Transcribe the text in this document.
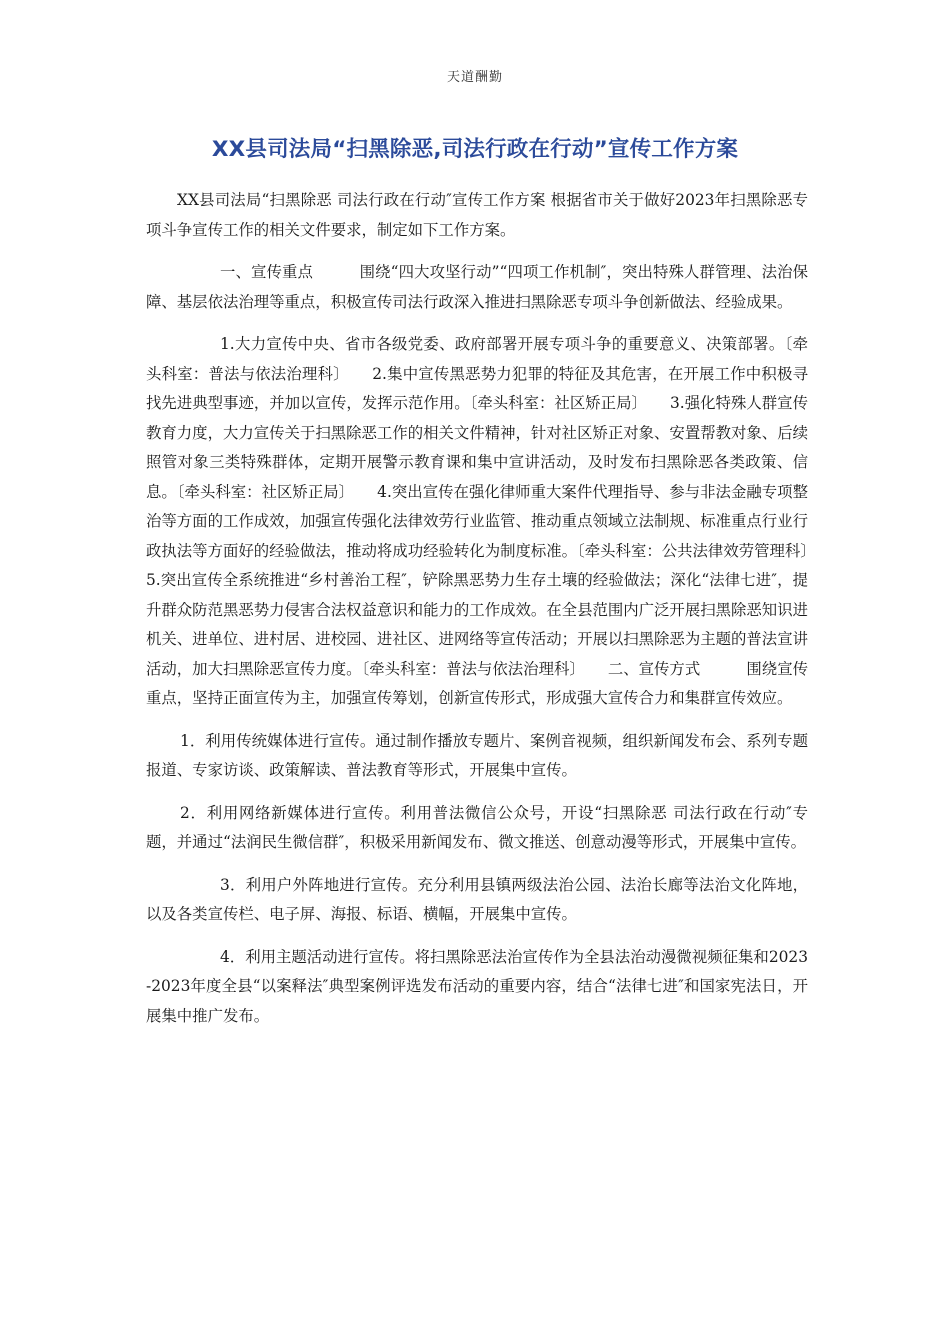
天道酬勤
XX县司法局“扫黑除恶,司法行政在行动”宣传工作方案

XX县司法局“扫黑除恶 司法行政在行动″宣传工作方案 根据省市关于做好2023年扫黑除恶专项斗争宣传工作的相关文件要求，制定如下工作方案。

一、宣传重点　　　围绕“四大攻坚行动”“四项工作机制″，突出特殊人群管理、法治保障、基层依法治理等重点，积极宣传司法行政深入推进扫黑除恶专项斗争创新做法、经验成果。

1.大力宣传中央、省市各级党委、政府部署开展专项斗争的重要意义、决策部署。〔牵头科室：普法与依法治理科〕　　2.集中宣传黑恶势力犯罪的特征及其危害，在开展工作中积极寻找先进典型事迹，并加以宣传，发挥示范作用。〔牵头科室：社区矫正局〕　　3.强化特殊人群宣传教育力度，大力宣传关于扫黑除恶工作的相关文件精神，针对社区矫正对象、安置帮教对象、后续照管对象三类特殊群体，定期开展警示教育课和集中宣讲活动，及时发布扫黑除恶各类政策、信息。〔牵头科室：社区矫正局〕　　4.突出宣传在强化律师重大案件代理指导、参与非法金融专项整治等方面的工作成效，加强宣传强化法律效劳行业监管、推动重点领域立法制规、标准重点行业行 政执法等方面好的经验做法，推动将成功经验转化为制度标准。〔牵头科室：公共法律效劳管理科〕5.突出宣传全系统推进“乡村善治工程″，铲除黑恶势力生存土壤的经验做法；深化“法律七进″，提升群众防范黑恶势力侵害合法权益意识和能力的工作成效。在全县范围内广泛开展扫黑除恶知识进机关、进单位、进村居、进校园、进社区、进网络等宣传活动；开展以扫黑除恶为主题的普法宣讲活动，加大扫黑除恶宣传力度。〔牵头科室：普法与依法治理科〕　　二、宣传方式　　　围绕宣传重点，坚持正面宣传为主，加强宣传筹划，创新宣传形式，形成强大宣传合力和集群宣传效应。

1．利用传统媒体进行宣传。通过制作播放专题片、案例音视频，组织新闻发布会、系列专题报道、专家访谈、政策解读、普法教育等形式，开展集中宣传。

2．利用网络新媒体进行宣传。利用普法微信公众号，开设“扫黑除恶 司法行政在行动″专题，并通过“法润民生微信群″，积极采用新闻发布、微文推送、创意动漫等形式，开展集中宣传。

3．利用户外阵地进行宣传。充分利用县镇两级法治公园、法治长廊等法治文化阵地，以及各类宣传栏、电子屏、海报、标语、横幅，开展集中宣传。

4．利用主题活动进行宣传。将扫黑除恶法治宣传作为全县法治动漫微视频征集和2023-2023年度全县“以案释法″典型案例评选发布活动的重要内容，结合“法律七进″和国家宪法日，开展集中推广发布。
